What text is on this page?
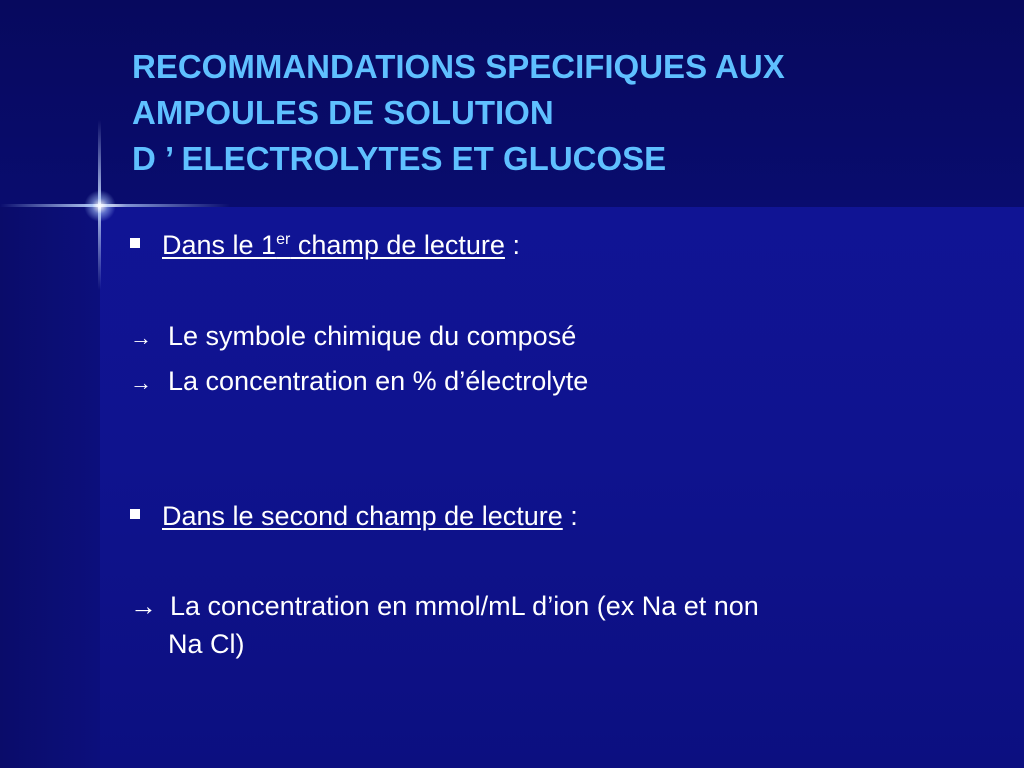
RECOMMANDATIONS SPECIFIQUES AUX
AMPOULES DE SOLUTION
D ’ ELECTROLYTES ET GLUCOSE
Dans le 1er champ de lecture :
→ Le symbole chimique du composé
→ La concentration en % d’électrolyte
Dans le second champ de lecture :
→ La concentration en mmol/mL d’ion (ex Na et non
Na Cl)
